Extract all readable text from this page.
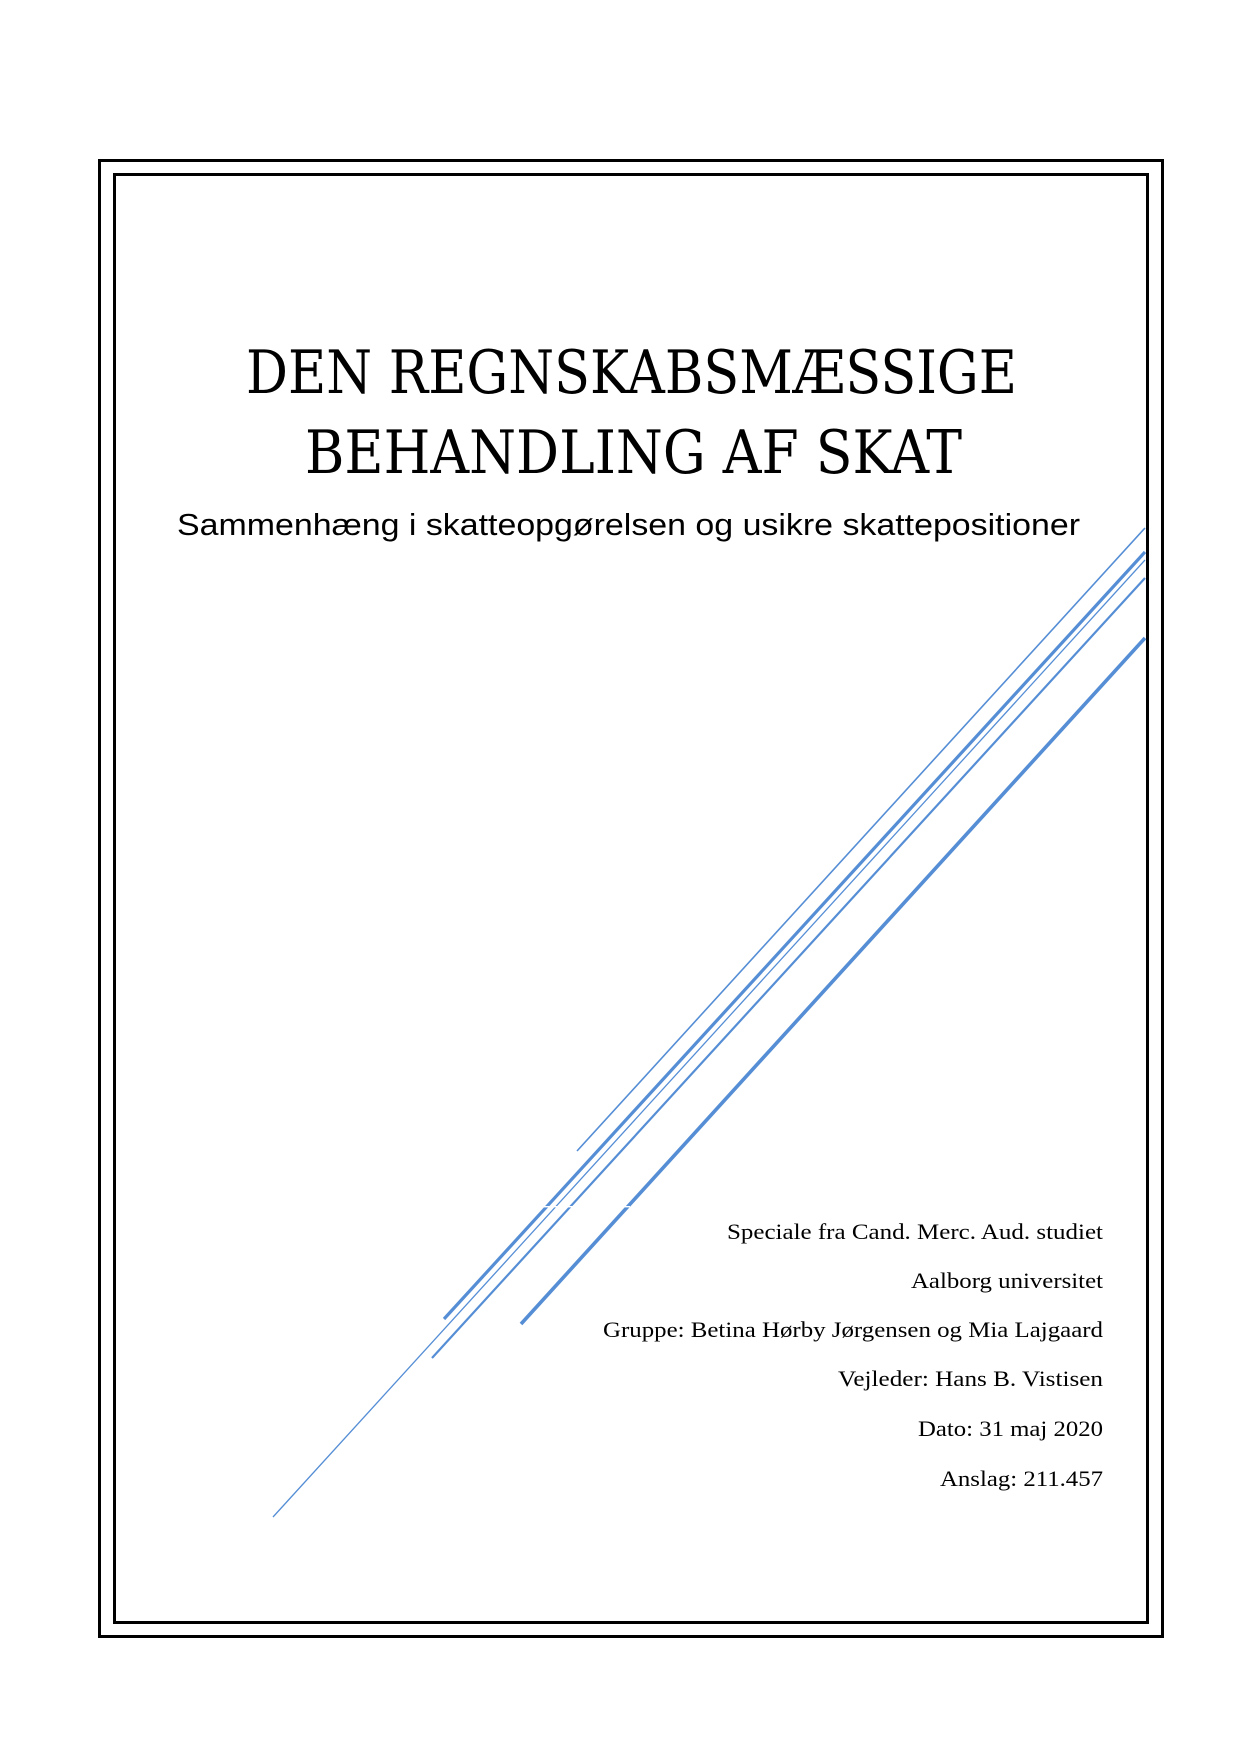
DEN REGNSKABSMÆSSIGE
BEHANDLING AF SKAT
Sammenhæng i skatteopgørelsen og usikre skattepositioner
Speciale fra Cand. Merc. Aud. studiet
Aalborg universitet
Gruppe: Betina Hørby Jørgensen og Mia Lajgaard
Vejleder: Hans B. Vistisen
Dato: 31 maj 2020
Anslag: 211.457
